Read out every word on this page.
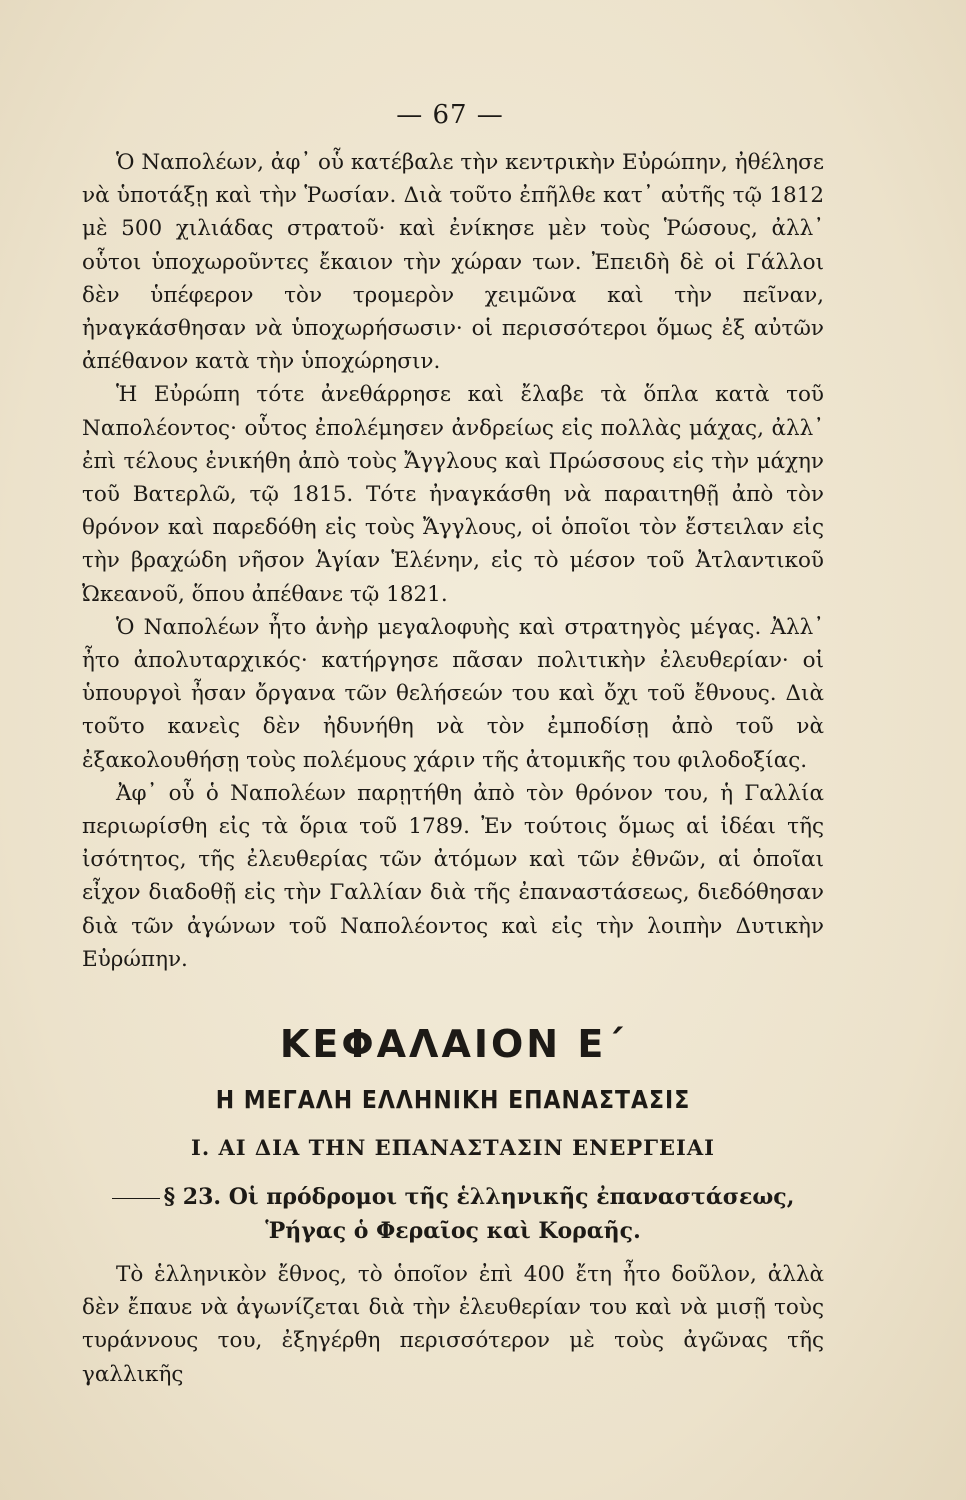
— 67 —

Ὁ Ναπολέων, ἀφ᾽ οὗ κατέβαλε τὴν κεντρικὴν Εὐρώπην, ἠθέλησε νὰ ὑποτάξῃ καὶ τὴν Ῥωσίαν. Διὰ τοῦτο ἐπῆλθε κατ᾽ αὐτῆς τῷ 1812 μὲ 500 χιλιάδας στρατοῦ· καὶ ἐνίκησε μὲν τοὺς Ῥώσους, ἀλλ᾽ οὗτοι ὑποχωροῦντες ἔκαιον τὴν χώραν των. Ἐπειδὴ δὲ οἱ Γάλλοι δὲν ὑπέφερον τὸν τρομερὸν χειμῶνα καὶ τὴν πεῖναν, ἠναγκάσθησαν νὰ ὑποχωρήσωσιν· οἱ περισσότεροι ὅμως ἐξ αὐτῶν ἀπέθανον κατὰ τὴν ὑποχώρησιν.

Ἡ Εὐρώπη τότε ἀνεθάρρησε καὶ ἔλαβε τὰ ὅπλα κατὰ τοῦ Ναπολέοντος· οὗτος ἐπολέμησεν ἀνδρείως εἰς πολλὰς μάχας, ἀλλ᾽ ἐπὶ τέλους ἐνικήθη ἀπὸ τοὺς Ἄγγλους καὶ Πρώσσους εἰς τὴν μάχην τοῦ Βατερλῶ, τῷ 1815. Τότε ἠναγκάσθη νὰ παραιτηθῇ ἀπὸ τὸν θρόνον καὶ παρεδόθη εἰς τοὺς Ἄγγλους, οἱ ὁποῖοι τὸν ἔστειλαν εἰς τὴν βραχώδη νῆσον Ἁγίαν Ἑλένην, εἰς τὸ μέσον τοῦ Ἀτλαντικοῦ Ὠκεανοῦ, ὅπου ἀπέθανε τῷ 1821.

Ὁ Ναπολέων ἦτο ἀνὴρ μεγαλοφυὴς καὶ στρατηγὸς μέγας. Ἀλλ᾽ ἦτο ἀπολυταρχικός· κατήργησε πᾶσαν πολιτικὴν ἐλευθερίαν· οἱ ὑπουργοὶ ἦσαν ὄργανα τῶν θελήσεών του καὶ ὄχι τοῦ ἔθνους. Διὰ τοῦτο κανεὶς δὲν ἠδυνήθη νὰ τὸν ἐμποδίσῃ ἀπὸ τοῦ νὰ ἐξακολουθήσῃ τοὺς πολέμους χάριν τῆς ἀτομικῆς του φιλοδοξίας.

Ἀφ᾽ οὗ ὁ Ναπολέων παρῃτήθη ἀπὸ τὸν θρόνον του, ἡ Γαλλία περιωρίσθη εἰς τὰ ὅρια τοῦ 1789. Ἐν τούτοις ὅμως αἱ ἰδέαι τῆς ἰσότητος, τῆς ἐλευθερίας τῶν ἀτόμων καὶ τῶν ἐθνῶν, αἱ ὁποῖαι εἶχον διαδοθῇ εἰς τὴν Γαλλίαν διὰ τῆς ἐπαναστάσεως, διεδόθησαν διὰ τῶν ἀγώνων τοῦ Ναπολέοντος καὶ εἰς τὴν λοιπὴν Δυτικὴν Εὐρώπην.

ΚΕΦΑΛΑΙΟΝ Ε΄
Η ΜΕΓΑΛΗ ΕΛΛΗΝΙΚΗ ΕΠΑΝΑΣΤΑΣΙΣ
Ι. ΑΙ ΔΙΑ ΤΗΝ ΕΠΑΝΑΣΤΑΣΙΝ ΕΝΕΡΓΕΙΑΙ
§ 23. Οἱ πρόδρομοι τῆς ἑλληνικῆς ἐπαναστάσεως,
Ῥήγας ὁ Φεραῖος καὶ Κοραῆς.

Τὸ ἑλληνικὸν ἔθνος, τὸ ὁποῖον ἐπὶ 400 ἔτη ἦτο δοῦλον, ἀλλὰ δὲν ἔπαυε νὰ ἀγωνίζεται διὰ τὴν ἐλευθερίαν του καὶ νὰ μισῇ τοὺς τυράννους του, ἐξηγέρθη περισσότερον μὲ τοὺς ἀγῶνας τῆς γαλλικῆς
